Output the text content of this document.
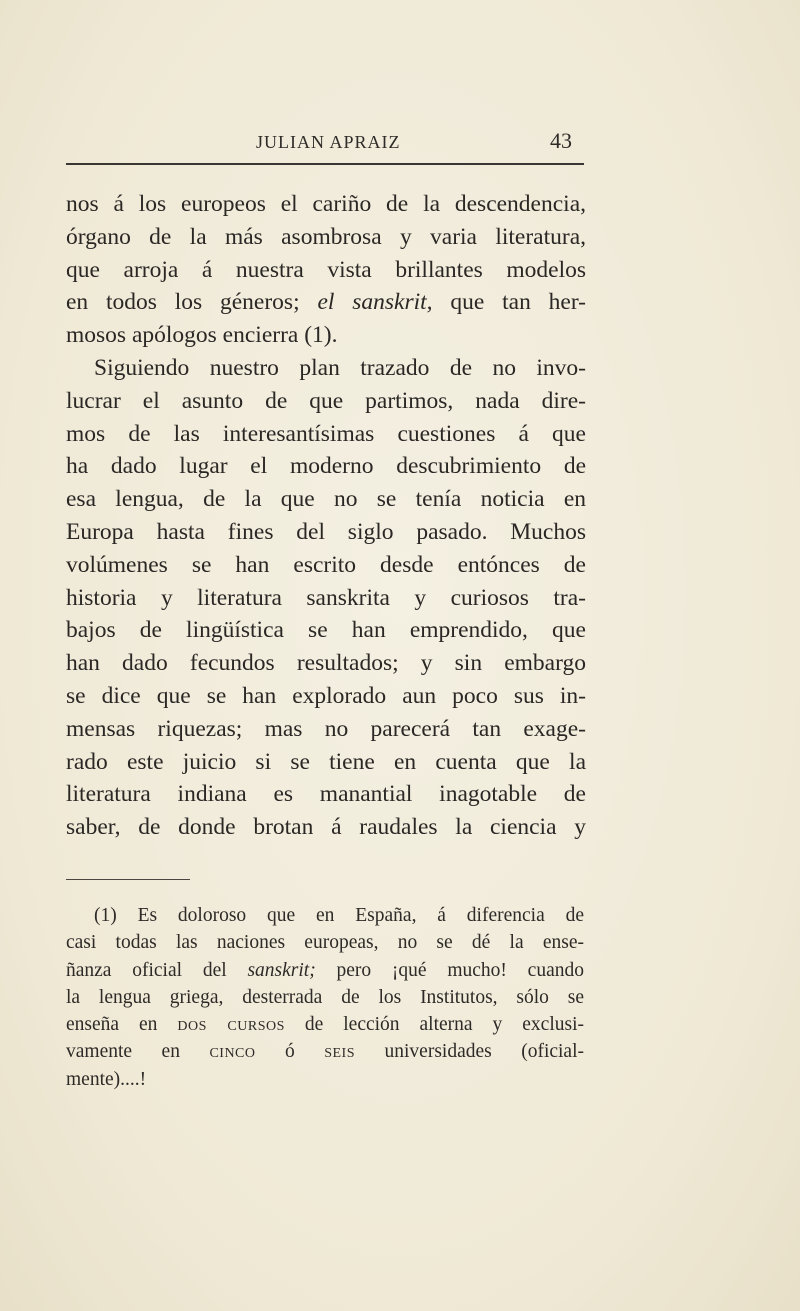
JULIAN APRAIZ	43
nos á los europeos el cariño de la descendencia,
órgano de la más asombrosa y varia literatura,
que arroja á nuestra vista brillantes modelos
en todos los géneros; el sanskrit, que tan her-
mosos apólogos encierra (1).
Siguiendo nuestro plan trazado de no invo-
lucrar el asunto de que partimos, nada dire-
mos de las interesantísimas cuestiones á que
ha dado lugar el moderno descubrimiento de
esa lengua, de la que no se tenía noticia en
Europa hasta fines del siglo pasado. Muchos
volúmenes se han escrito desde entónces de
historia y literatura sanskrita y curiosos tra-
bajos de lingüística se han emprendido, que
han dado fecundos resultados; y sin embargo
se dice que se han explorado aun poco sus in-
mensas riquezas; mas no parecerá tan exage-
rado este juicio si se tiene en cuenta que la
literatura indiana es manantial inagotable de
saber, de donde brotan á raudales la ciencia y
(1) Es doloroso que en España, á diferencia de
casi todas las naciones europeas, no se dé la ense-
ñanza oficial del sanskrit; pero ¡qué mucho! cuando
la lengua griega, desterrada de los Institutos, sólo se
enseña en dos cursos de lección alterna y exclusi-
vamente en cinco ó seis universidades (oficial-
mente)....!
